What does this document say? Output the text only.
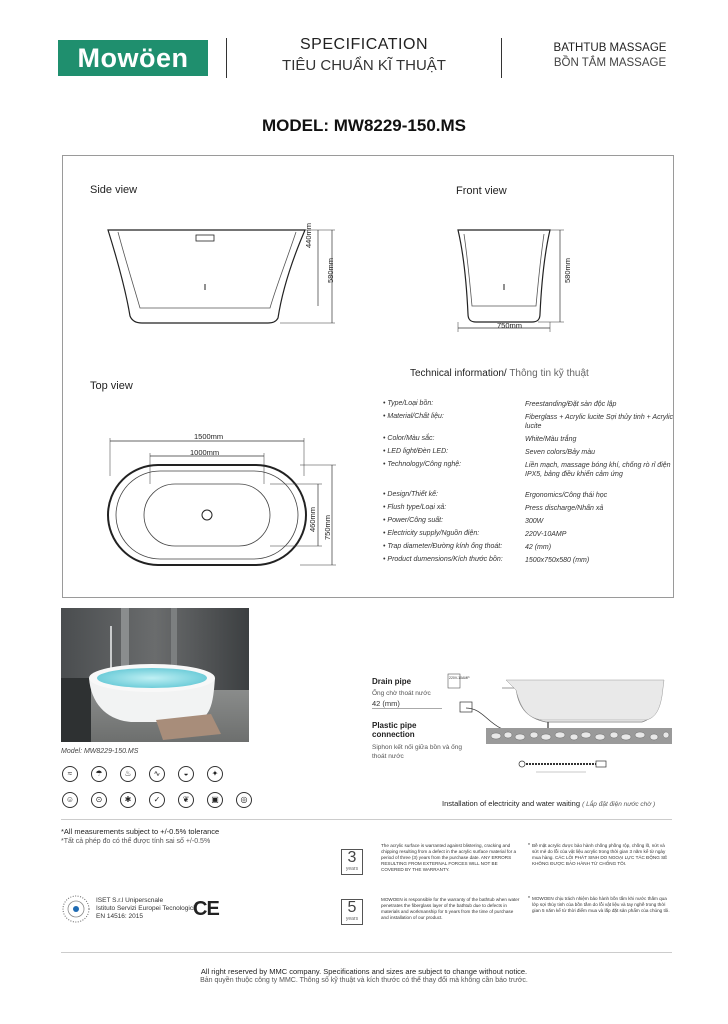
Mowöen	SPECIFICATION
TIÊU CHUẨN KĨ THUẬT
BATHTUB MASSAGE
BỒN TẮM MASSAGE
MODEL: MW8229-150.MS
Side view	Front view
Top view
440mm
580mm	580mm
750mm
1500mm
1000mm
460mm 750mm
Technical information/ Thông tin kỹ thuật
• Type/Loại bồn:	Freestanding/Đặt sàn độc lập
• Material/Chất liệu:	Fiberglass + Acrylic lucite Sợi thủy tinh + Acrylic lucite
• Color/Màu sắc:	White/Màu trắng
• LED light/Đèn LED:	Seven colors/Bảy màu
• Technology/Công nghệ:	Liền mạch, massage bóng khí, chống rò rỉ điện IPX5, bảng điều khiển cảm ứng
• Design/Thiết kế:	Ergonomics/Công thái học
• Flush type/Loại xả:	Press discharge/Nhấn xả
• Power/Công suất:	300W
• Electricity supply/Nguồn điện:	220V-10AMP
• Trap diameter/Đường kính ống thoát:	42 (mm)
• Product dumensions/Kích thước bồn:	1500x750x580 (mm)
Model: MW8229-150.MS
≈	☂	♨	∿	◒	✦
☺	⊙	✱	✓	❦	▣	◎
Drain pipe
Ống chờ thoát nước
42 (mm)
Plastic pipe connection
Siphon kết nối giữa bồn và ống thoát nước
220V-10AMP
Installation of electricity and water waiting ( Lắp đặt điện nước chờ )
*All measurements subject to +/-0.5% tolerance
*Tất cả phép đo có thể được tính sai số +/-0.5%
3
years
The acrylic surface is warranted against blistering, cracking and chipping resulting from a defect in the acrylic surface material for a period of three (3) years from the purchase date. ANY ERRORS RESULTING FROM EXTERNAL FORCES WILL NOT BE COVERED BY THE WARRANTY.
Bề mặt acrylic được bảo hành chống phồng rộp, chống lõ, nứt và sứt mẻ do lỗi của vật liệu acrylic trong thời gian 3 năm kể từ ngày mua hàng. CÁC LỖI PHÁT SINH DO NGOẠI LỰC TÁC ĐỘNG SẼ KHÔNG ĐƯỢC BẢO HÀNH TỪ CHỐNG TÔI.
*
5
years
MOWOEN is responsible for the warranty of the bathtub when water penetrates the fiberglass layer of the bathtub due to defects in materials and workmanship for 5 years from the time of purchase and installation of our product.
MOWOEN chịu trách nhiệm bảo hành bồn tắm khi nước thấm qua lớp sợi thủy tinh của bồn tắm do lỗi vật liệu và tay nghề trong thời gian 5 năm kể từ thời điểm mua và lắp đặt sản phẩm của chúng tôi.
*
ISET S.r.l Uniperscnale
Istituto Servizi Europei Tecnologici
EN 14516: 2015	CE
All right reserved by MMC company. Specifications and sizes are subject to change without notice.
Bản quyền thuộc công ty MMC. Thông số kỹ thuật và kích thước có thể thay đổi mà không cần báo trước.
